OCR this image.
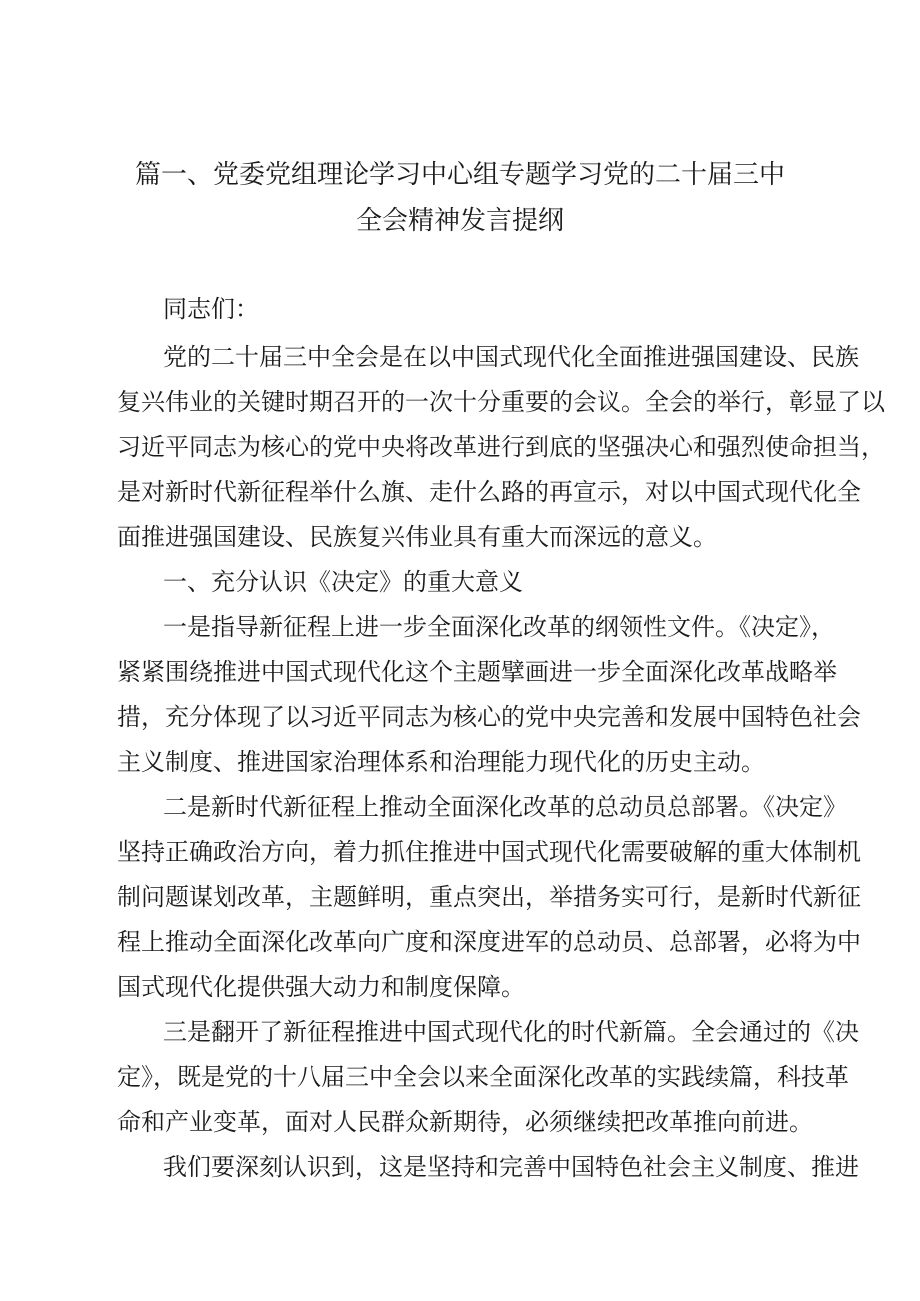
篇一、党委党组理论学习中心组专题学习党的二十届三中
全会精神发言提纲
同志们：
党的二十届三中全会是在以中国式现代化全面推进强国建设、民族
复兴伟业的关键时期召开的一次十分重要的会议。全会的举行，彰显了以
习近平同志为核心的党中央将改革进行到底的坚强决心和强烈使命担当，
是对新时代新征程举什么旗、走什么路的再宣示，对以中国式现代化全
面推进强国建设、民族复兴伟业具有重大而深远的意义。
一、充分认识《决定》的重大意义
一是指导新征程上进一步全面深化改革的纲领性文件。《决定》，
紧紧围绕推进中国式现代化这个主题擘画进一步全面深化改革战略举
措，充分体现了以习近平同志为核心的党中央完善和发展中国特色社会
主义制度、推进国家治理体系和治理能力现代化的历史主动。
二是新时代新征程上推动全面深化改革的总动员总部署。《决定》
坚持正确政治方向，着力抓住推进中国式现代化需要破解的重大体制机
制问题谋划改革，主题鲜明，重点突出，举措务实可行，是新时代新征
程上推动全面深化改革向广度和深度进军的总动员、总部署，必将为中
国式现代化提供强大动力和制度保障。
三是翻开了新征程推进中国式现代化的时代新篇。全会通过的《决
定》，既是党的十八届三中全会以来全面深化改革的实践续篇，科技革
命和产业变革，面对人民群众新期待，必须继续把改革推向前进。
我们要深刻认识到，这是坚持和完善中国特色社会主义制度、推进
